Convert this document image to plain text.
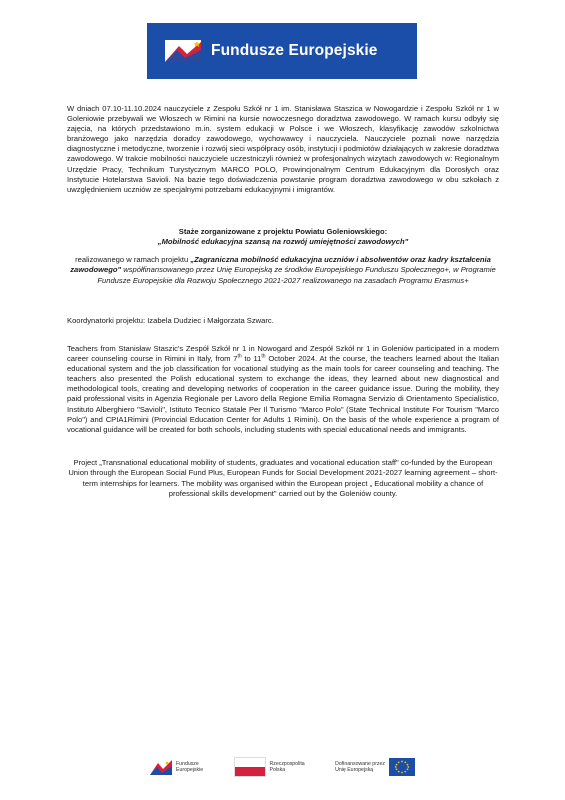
Fundusze Europejskie

W dniach 07.10-11.10.2024 nauczyciele z Zespołu Szkół nr 1 im. Stanisława Staszica w Nowogardzie i Zespołu Szkół nr 1 w Goleniowie przebywali we Włoszech w Rimini na kursie nowoczesnego doradztwa zawodowego. W ramach kursu odbyły się zajęcia, na których przedstawiono m.in. system edukacji w Polsce i we Włoszech, klasyfikację zawodów szkolnictwa branżowego jako narzędzia doradcy zawodowego, wychowawcy i nauczyciela. Nauczyciele poznali nowe narzędzia diagnostyczne i metodyczne, tworzenie i rozwój sieci współpracy osób, instytucji i podmiotów działających w zakresie doradztwa zawodowego. W trakcie mobilności nauczyciele uczestniczyli również w profesjonalnych wizytach zawodowych w: Regionalnym Urzędzie Pracy, Technikum Turystycznym MARCO POLO, Prowincjonalnym Centrum Edukacyjnym dla Dorosłych oraz Instytucie Hotelarstwa Savioli. Na bazie tego doświadczenia powstanie program doradztwa zawodowego w obu szkołach z uwzględnieniem uczniów ze specjalnymi potrzebami edukacyjnymi i imigrantów.

Staże zorganizowane z projektu Powiatu Goleniowskiego:
„Mobilność edukacyjna szansą na rozwój umiejętności zawodowych"

realizowanego w ramach projektu „Zagraniczna mobilność edukacyjna uczniów i absolwentów oraz kadry kształcenia zawodowego" współfinansowanego przez Unię Europejską ze środków Europejskiego Funduszu Społecznego+, w Programie Fundusze Europejskie dla Rozwoju Społecznego 2021-2027 realizowanego na zasadach Programu Erasmus+

Koordynatorki projektu: Izabela Dudziec i Małgorzata Szwarc.

Teachers from Stanisław Staszic's Zespół Szkół nr 1 in Nowogard and Zespół Szkół nr 1 in Goleniów participated in a modern career counseling course in Rimini in Italy, from 7th to 11th October 2024. At the course, the teachers learned about the Italian educational system and the job classification for vocational studying as the main tools for career counseling and teaching. The teachers also presented the Polish educational system to exchange the ideas, they learned about new diagnostical and methodological tools, creating and developing networks of cooperation in the career guidance issue. During the mobility, they paid professional visits in Agenzia Regionale per Lavoro della Regione Emilia Romagna Servizio di Orientamento Specialistico, Instituto Alberghiero "Savioli", Istituto Tecnico Statale Per Il Turismo "Marco Polo" (State Technical Institute For Tourism "Marco Polo") and CPIA1Rimini (Provincial Education Center for Adults 1 Rimini). On the basis of the whole experience a program of vocational guidance will be created for both schools, including students with special educational needs and immigrants.

Project „Transnational educational mobility of students, graduates and vocational education staff" co-funded by the European Union through the European Social Fund Plus, European Funds for Social Development 2021-2027 learning agreement – short- term internships for learners. The mobility was organised within the European project „ Educational mobility a chance of professional skills development" carried out by the Goleniów county.

Fundusze
Europejskie
Rzeczpospolita
Polska
Dofinansowane przez
Unię Europejską
